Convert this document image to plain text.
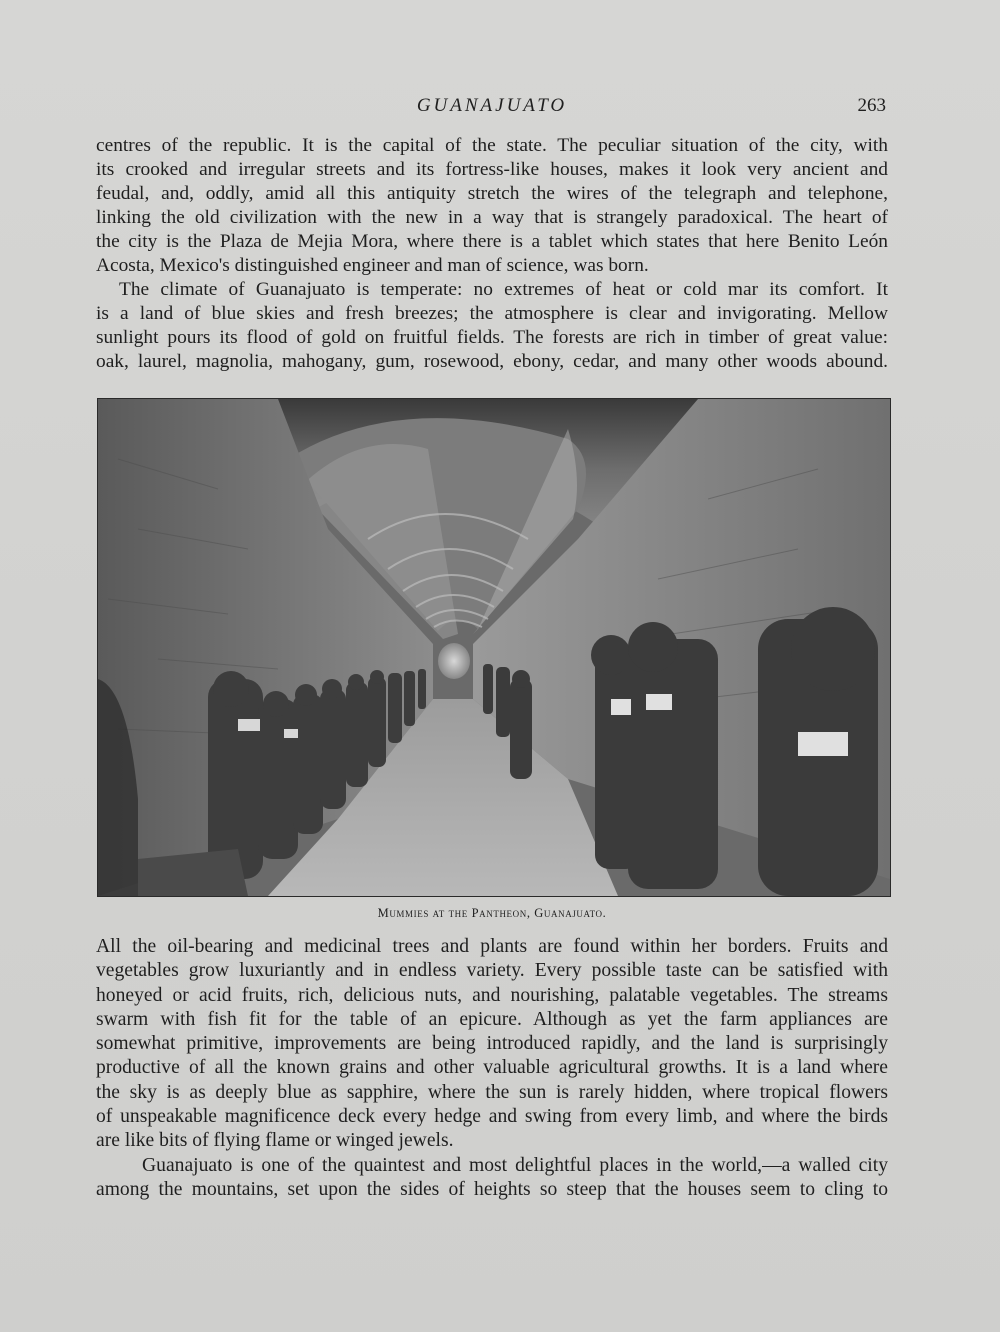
GUANAJUATO	263
centres of the republic. It is the capital of the state. The peculiar situation of the city, with
its crooked and irregular streets and its fortress-like houses, makes it look very ancient and
feudal, and, oddly, amid all this antiquity stretch the wires of the telegraph and telephone,
linking the old civilization with the new in a way that is strangely paradoxical. The heart of
the city is the Plaza de Mejia Mora, where there is a tablet which states that here Benito León
Acosta, Mexico's distinguished engineer and man of science, was born.
The climate of Guanajuato is temperate: no extremes of heat or cold mar its comfort. It
is a land of blue skies and fresh breezes; the atmosphere is clear and invigorating. Mellow
sunlight pours its flood of gold on fruitful fields. The forests are rich in timber of great value:
oak, laurel, magnolia, mahogany, gum, rosewood, ebony, cedar, and many other woods abound.
Mummies at the Pantheon, Guanajuato.
All the oil-bearing and medicinal trees and plants are found within her borders. Fruits and
vegetables grow luxuriantly and in endless variety. Every possible taste can be satisfied with
honeyed or acid fruits, rich, delicious nuts, and nourishing, palatable vegetables. The streams
swarm with fish fit for the table of an epicure. Although as yet the farm appliances are
somewhat primitive, improvements are being introduced rapidly, and the land is surprisingly
productive of all the known grains and other valuable agricultural growths. It is a land where
the sky is as deeply blue as sapphire, where the sun is rarely hidden, where tropical flowers
of unspeakable magnificence deck every hedge and swing from every limb, and where the birds
are like bits of flying flame or winged jewels.
Guanajuato is one of the quaintest and most delightful places in the world,—a walled city
among the mountains, set upon the sides of heights so steep that the houses seem to cling to
